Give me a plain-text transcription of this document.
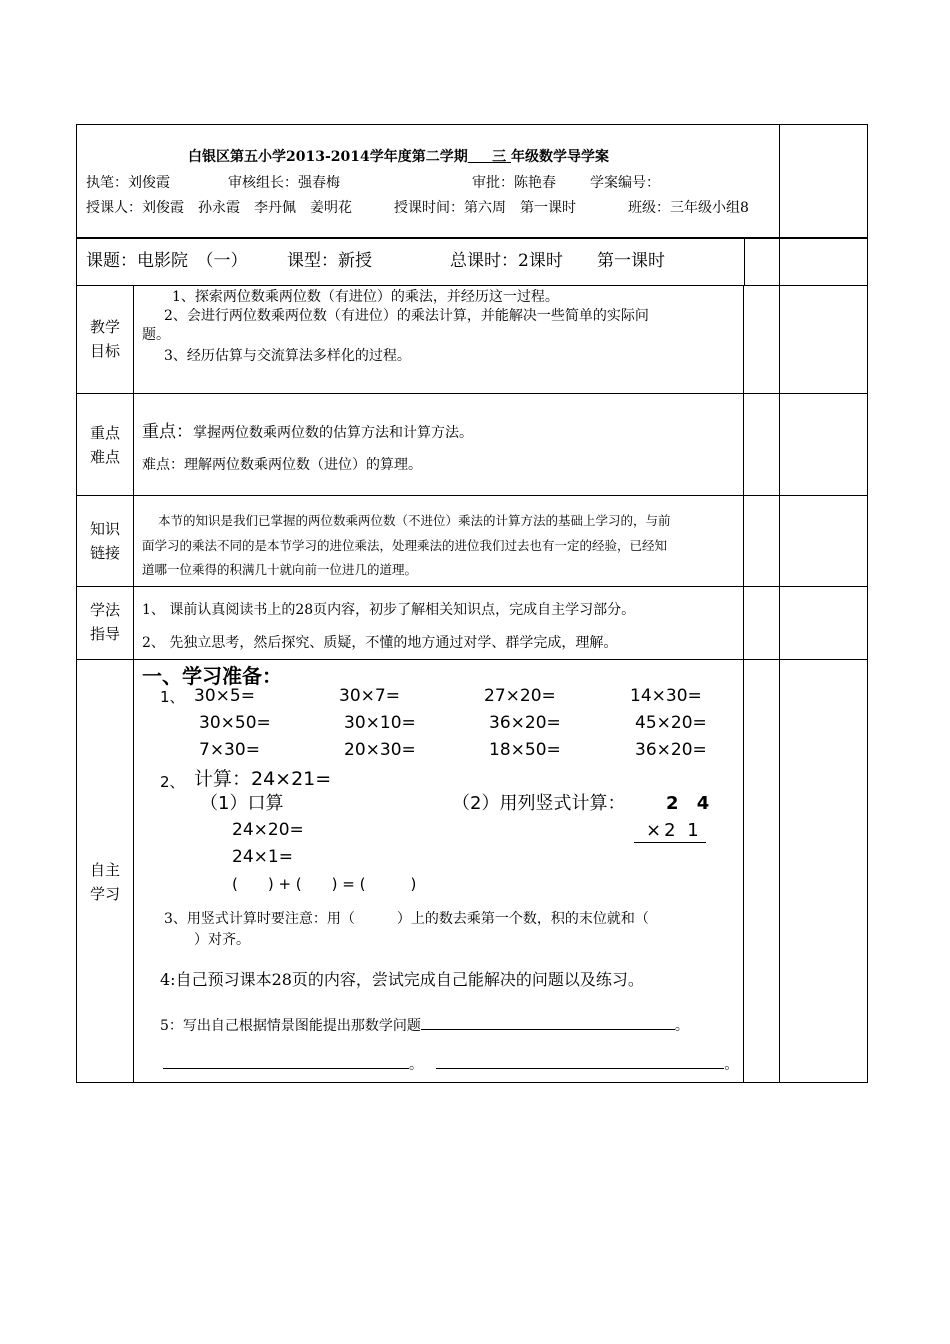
白银区第五小学2013-2014学年度第二学期 三 年级数学导学案
执笔：刘俊霞	审核组长：强春梅	审批：陈艳春 学案编号：
授课人：刘俊霞　孙永霞　李丹佩　姜明花	授课时间：第六周　第一课时	班级：三年级小组8
课题：电影院　（一） 课型：新授	总课时：2课时 第一课时
教学
目标
1、探索两位数乘两位数（有进位）的乘法，并经历这一过程。
2、会进行两位数乘两位数（有进位）的乘法计算，并能解决一些简单的实际问
题。
3、经历估算与交流算法多样化的过程。
重点
难点
重点：掌握两位数乘两位数的估算方法和计算方法。
难点：理解两位数乘两位数（进位）的算理。
知识
链接
本节的知识是我们已掌握的两位数乘两位数（不进位）乘法的计算方法的基础上学习的，与前
面学习的乘法不同的是本节学习的进位乘法，处理乘法的进位我们过去也有一定的经验，已经知
道哪一位乘得的积满几十就向前一位进几的道理。
学法
指导
1、 课前认真阅读书上的28页内容，初步了解相关知识点，完成自主学习部分。
2、 先独立思考，然后探究、质疑，不懂的地方通过对学、群学完成，理解。
自主
学习
一、学习准备：
1、 30×5=	30×7=	27×20=	14×30=
30×50=	30×10=	36×20=	45×20=
7×30=	20×30=	18×50=	36×20=
2、 计算：24×21=
（1）口算	（2）用列竖式计算： 2 4
×2 1
24×20=
24×1=
(　　) + (　　) = (　　　)
3、用竖式计算时要注意：用（　　　）上的数去乘第一个数，积的末位就和（
）对齐。
4:自己预习课本28页的内容，尝试完成自己能解决的问题以及练习。
5：写出自己根据情景图能提出那数学问题	。
。	。
